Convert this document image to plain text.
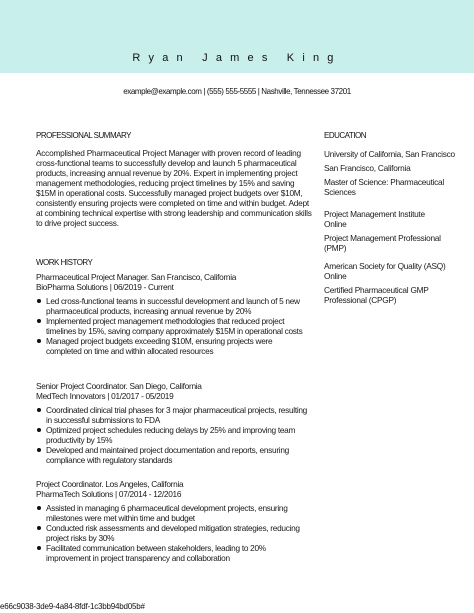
Ryan James King
example@example.com | (555) 555-5555 | Nashville, Tennessee 37201
PROFESSIONAL SUMMARY

Accomplished Pharmaceutical Project Manager with proven record of leading cross-functional teams to successfully develop and launch 5 pharmaceutical products, increasing annual revenue by 20%. Expert in implementing project management methodologies, reducing project timelines by 15% and saving $15M in operational costs. Successfully managed project budgets over $10M, consistently ensuring projects were completed on time and within budget. Adept at combining technical expertise with strong leadership and communication skills to drive project success.

WORK HISTORY
Pharmaceutical Project Manager. San Francisco, California
BioPharma Solutions | 06/2019 - Current
Led cross-functional teams in successful development and launch of 5 new pharmaceutical products, increasing annual revenue by 20%
Implemented project management methodologies that reduced project timelines by 15%, saving company approximately $15M in operational costs
Managed project budgets exceeding $10M, ensuring projects were completed on time and within allocated resources
Senior Project Coordinator. San Diego, California
MedTech Innovators | 01/2017 - 05/2019
Coordinated clinical trial phases for 3 major pharmaceutical projects, resulting in successful submissions to FDA
Optimized project schedules reducing delays by 25% and improving team productivity by 15%
Developed and maintained project documentation and reports, ensuring compliance with regulatory standards
Project Coordinator. Los Angeles, California
PharmaTech Solutions | 07/2014 - 12/2016
Assisted in managing 6 pharmaceutical development projects, ensuring milestones were met within time and budget
Conducted risk assessments and developed mitigation strategies, reducing project risks by 30%
Facilitated communication between stakeholders, leading to 20% improvement in project transparency and collaboration
EDUCATION
University of California, San Francisco
San Francisco, California
Master of Science: Pharmaceutical Sciences
Project Management Institute
Online
Project Management Professional (PMP)
American Society for Quality (ASQ)
Online
Certified Pharmaceutical GMP Professional (CPGP)
e66c9038-3de9-4a84-8fdf-1c3bb94bd05b#
